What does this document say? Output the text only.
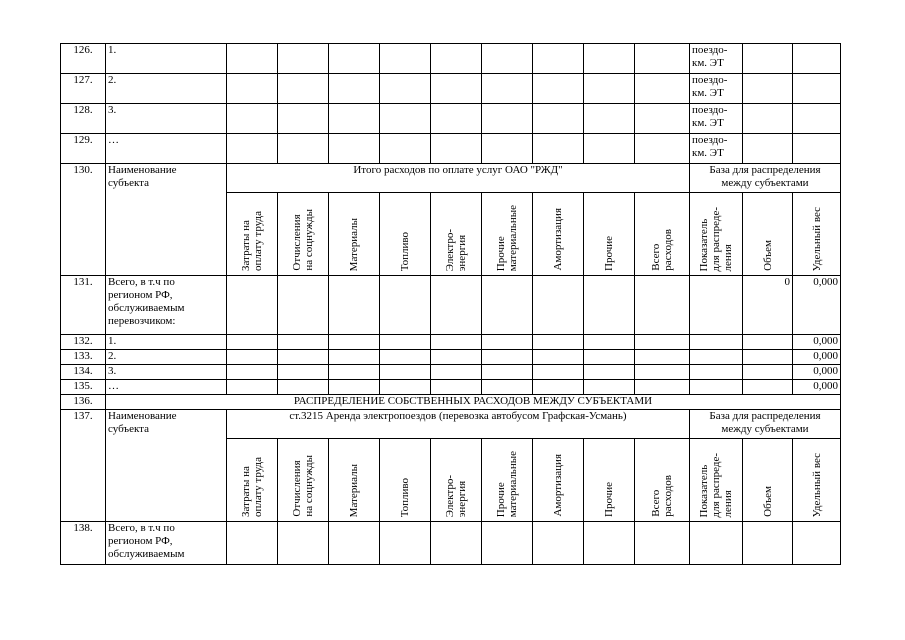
126.	1.										поездо-
км. ЭТ		
127.	2.										поездо-
км. ЭТ		
128.	3.										поездо-
км. ЭТ		
129.	…										поездо-
км. ЭТ		
130.	Наименование
субъекта	Итого расходов по оплате услуг ОАО "РЖД"									База для распределения
между субъектами		

		Затраты на
оплату труда	Отчисления
на соцнужды	Материалы	Топливо	Электро-
энергия	Прочие
материальные	Амортизация	Прочие	Всего
расходов	Показатель
для распреде-
ления	Объем	Удельный вес

131.	Всего, в т.ч по
регионом РФ,
обслуживаемым
перевозчиком:											0	0,000
132.	1.												0,000
133.	2.												0,000
134.	3.												0,000
135.	…												0,000
136.	РАСПРЕДЕЛЕНИЕ СОБСТВЕННЫХ РАСХОДОВ МЕЖДУ СУБЪЕКТАМИ												
137.	Наименование
субъекта	ст.3215 Аренда электропоездов (перевозка автобусом Графская-Усмань)									База для распределения
между субъектами		

		Затраты на
оплату труда	Отчисления
на соцнужды	Материалы	Топливо	Электро-
энергия	Прочие
материальные	Амортизация	Прочие	Всего
расходов	Показатель
для распреде-
ления	Объем	Удельный вес

138.	Всего, в т.ч по
регионом РФ,
обслуживаемым												
